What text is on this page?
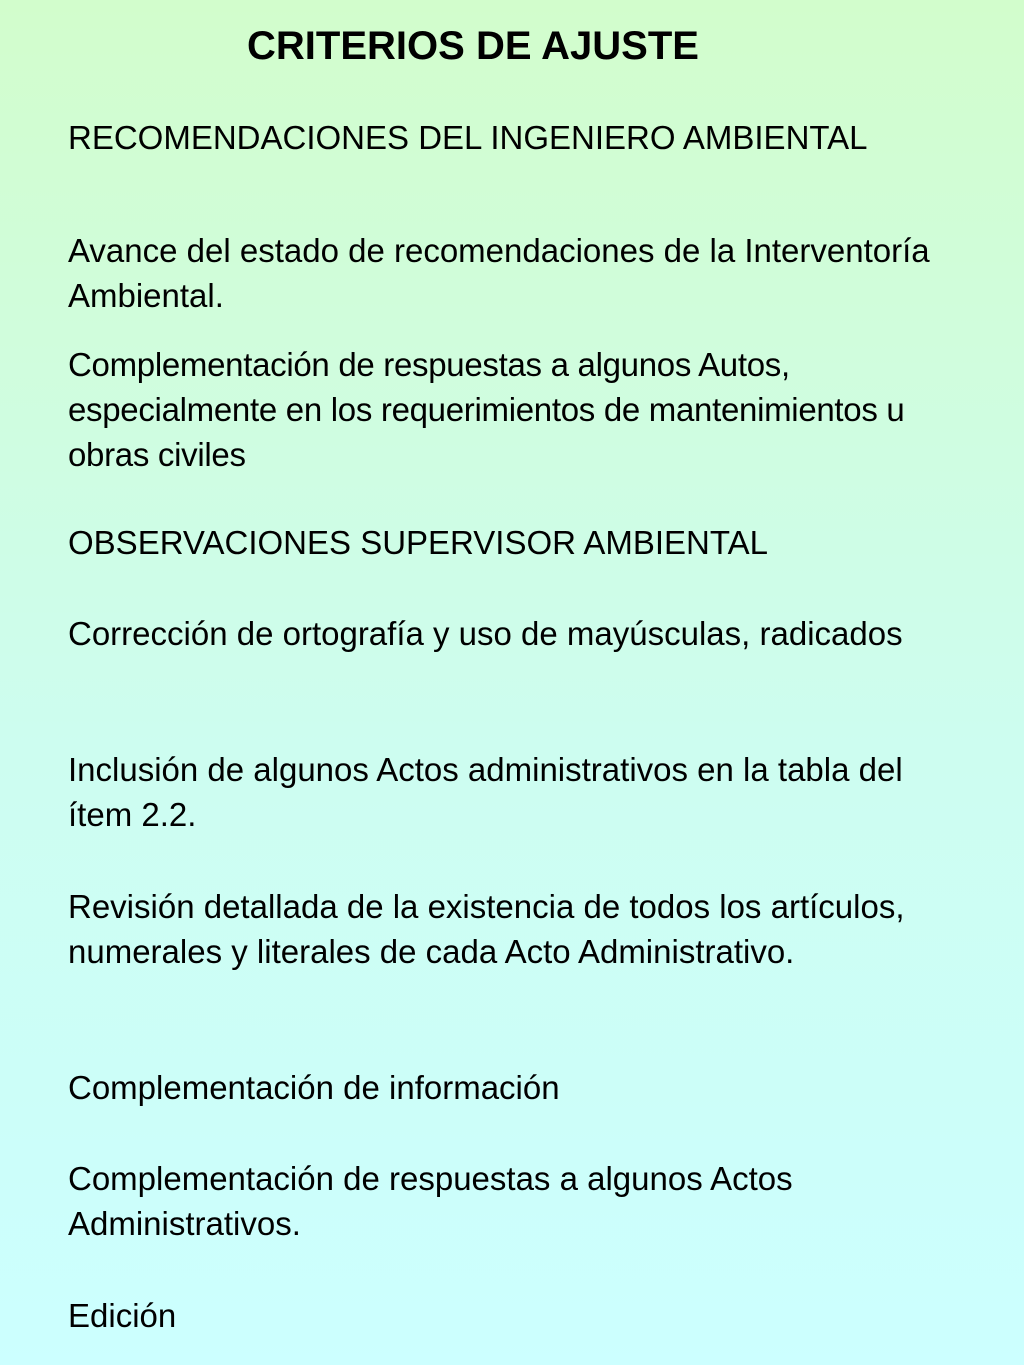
CRITERIOS DE AJUSTE

RECOMENDACIONES DEL INGENIERO AMBIENTAL

Avance del estado de recomendaciones de la Interventoría Ambiental.

Complementación de respuestas a algunos Autos, especialmente en los requerimientos de mantenimientos u obras civiles

OBSERVACIONES SUPERVISOR AMBIENTAL

Corrección de ortografía y uso de mayúsculas, radicados

Inclusión de algunos Actos administrativos en la tabla del ítem 2.2.

Revisión detallada de la existencia de todos los artículos, numerales y literales de cada Acto Administrativo.

Complementación de información

Complementación de respuestas a algunos Actos Administrativos.

Edición
